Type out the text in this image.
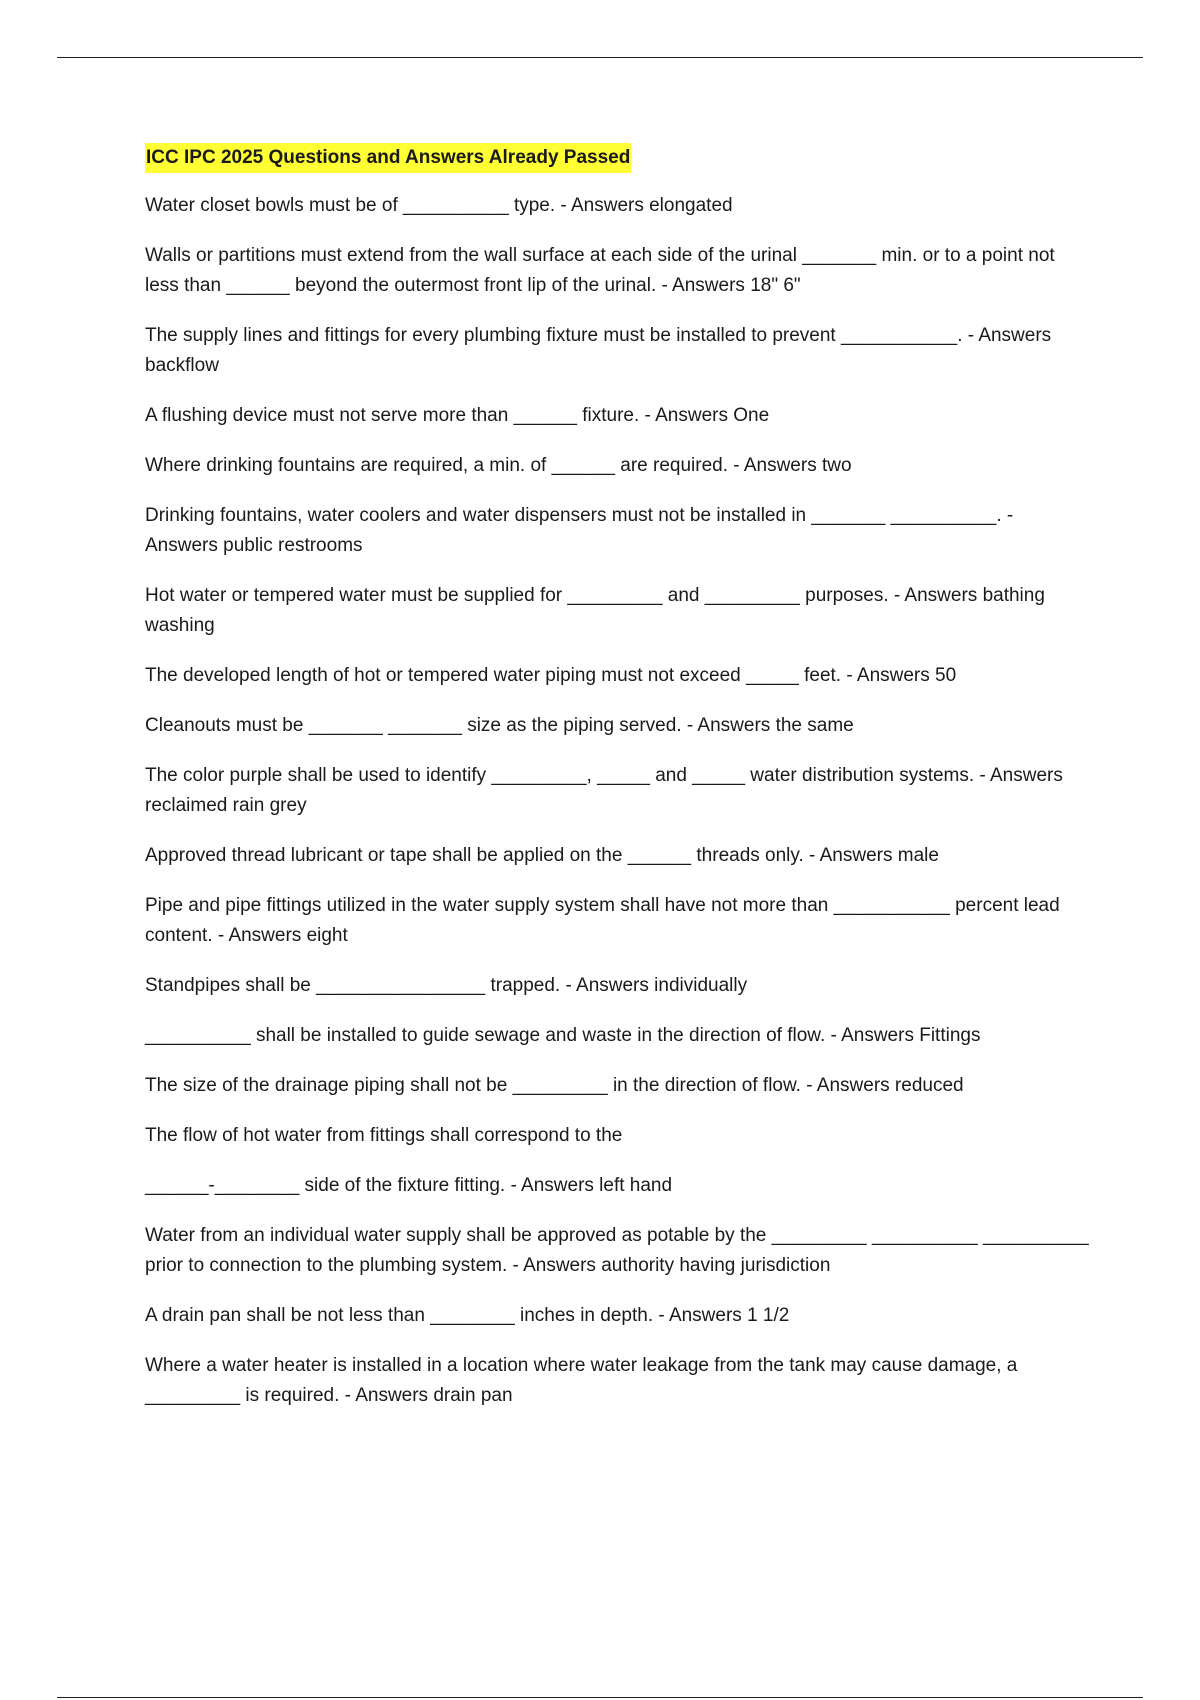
ICC IPC 2025 Questions and Answers Already Passed

Water closet bowls must be of __________ type. - Answers elongated

Walls or partitions must extend from the wall surface at each side of the urinal _______ min. or to a point not less than ______ beyond the outermost front lip of the urinal. - Answers 18" 6"

The supply lines and fittings for every plumbing fixture must be installed to prevent ___________. - Answers backflow

A flushing device must not serve more than ______ fixture. - Answers One

Where drinking fountains are required, a min. of ______ are required. - Answers two

Drinking fountains, water coolers and water dispensers must not be installed in _______ __________. - Answers public restrooms

Hot water or tempered water must be supplied for _________ and _________ purposes. - Answers bathing washing

The developed length of hot or tempered water piping must not exceed _____ feet. - Answers 50

Cleanouts must be _______ _______ size as the piping served. - Answers the same

The color purple shall be used to identify _________, _____ and _____ water distribution systems. - Answers reclaimed rain grey

Approved thread lubricant or tape shall be applied on the ______ threads only. - Answers male

Pipe and pipe fittings utilized in the water supply system shall have not more than ___________ percent lead content. - Answers eight

Standpipes shall be ________________ trapped. - Answers individually

__________ shall be installed to guide sewage and waste in the direction of flow. - Answers Fittings

The size of the drainage piping shall not be _________ in the direction of flow. - Answers reduced

The flow of hot water from fittings shall correspond to the

______-________ side of the fixture fitting. - Answers left hand

Water from an individual water supply shall be approved as potable by the _________ __________ __________ prior to connection to the plumbing system. - Answers authority having jurisdiction

A drain pan shall be not less than ________ inches in depth. - Answers 1 1/2

Where a water heater is installed in a location where water leakage from the tank may cause damage, a _________ is required. - Answers drain pan
